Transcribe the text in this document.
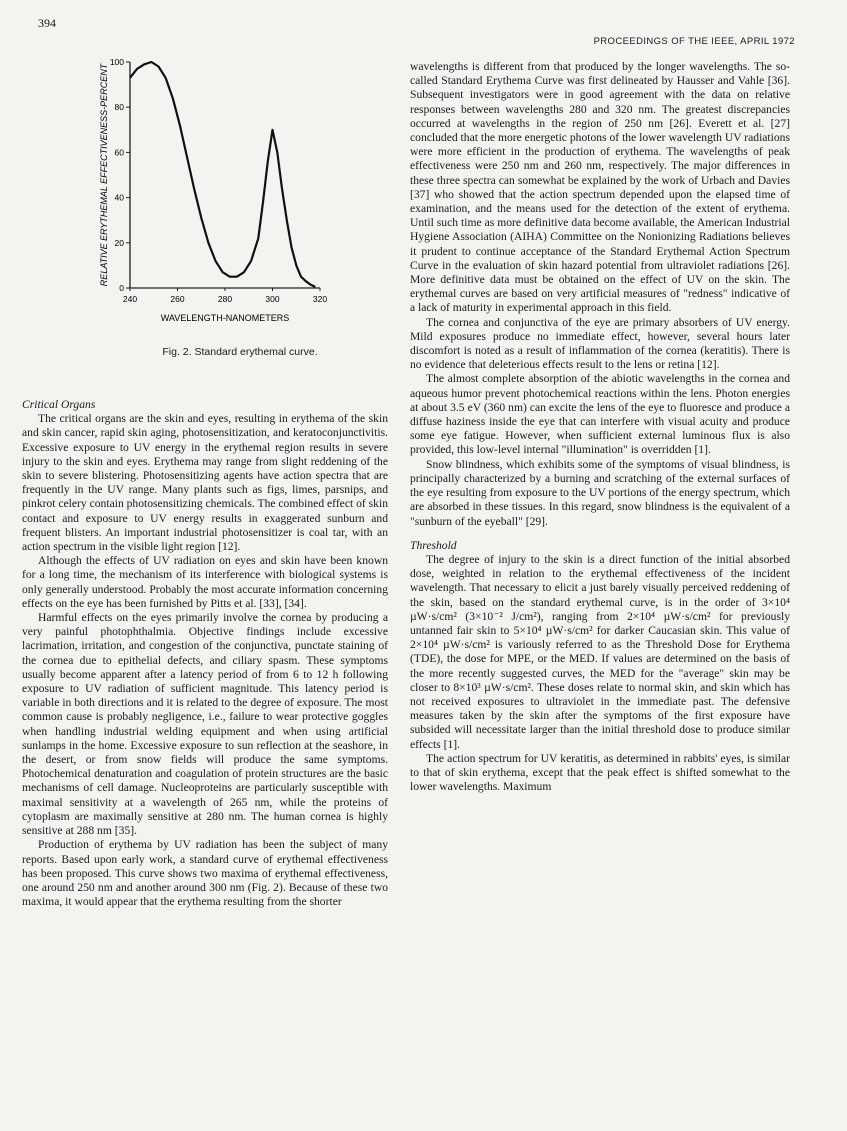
394
PROCEEDINGS OF THE IEEE, APRIL 1972
0
20
40
60
80
100
240	260	280	300	320
WAVELENGTH-NANOMETERS
RELATIVE ERYTHEMAL EFFECTIVENESS-PERCENT
Fig. 2. Standard erythemal curve.

Critical Organs

The critical organs are the skin and eyes, resulting in erythema of the skin and skin cancer, rapid skin aging, photosensitization, and keratoconjunctivitis. Excessive exposure to UV energy in the erythemal region results in severe injury to the skin and eyes. Erythema may range from slight reddening of the skin to severe blistering. Photosensitizing agents have action spectra that are frequently in the UV range. Many plants such as figs, limes, parsnips, and pinkrot celery contain photosensitizing chemicals. The combined effect of skin contact and exposure to UV energy results in exaggerated sunburn and frequent blisters. An important industrial photosensitizer is coal tar, with an action spectrum in the visible light region [12].

Although the effects of UV radiation on eyes and skin have been known for a long time, the mechanism of its interference with biological systems is only generally understood. Probably the most accurate information concerning effects on the eye has been furnished by Pitts et al. [33], [34].

Harmful effects on the eyes primarily involve the cornea by producing a very painful photophthalmia. Objective findings include excessive lacrimation, irritation, and congestion of the conjunctiva, punctate staining of the cornea due to epithelial defects, and ciliary spasm. These symptoms usually become apparent after a latency period of from 6 to 12 h following exposure to UV radiation of sufficient magnitude. This latency period is variable in both directions and it is related to the degree of exposure. The most common cause is probably negligence, i.e., failure to wear protective goggles when handling industrial welding equipment and when using artificial sunlamps in the home. Excessive exposure to sun reflection at the seashore, in the desert, or from snow fields will produce the same symptoms. Photochemical denaturation and coagulation of protein structures are the basic mechanisms of cell damage. Nucleoproteins are particularly susceptible with maximal sensitivity at a wavelength of 265 nm, while the proteins of cytoplasm are maximally sensitive at 280 nm. The human cornea is highly sensitive at 288 nm [35].

Production of erythema by UV radiation has been the subject of many reports. Based upon early work, a standard curve of erythemal effectiveness has been proposed. This curve shows two maxima of erythemal effectiveness, one around 250 nm and another around 300 nm (Fig. 2). Because of these two maxima, it would appear that the erythema resulting from the shorter

wavelengths is different from that produced by the longer wavelengths. The so-called Standard Erythema Curve was first delineated by Hausser and Vahle [36]. Subsequent investigators were in good agreement with the data on relative responses between wavelengths 280 and 320 nm. The greatest discrepancies occurred at wavelengths in the region of 250 nm [26]. Everett et al. [27] concluded that the more energetic photons of the lower wavelength UV radiations were more efficient in the production of erythema. The wavelengths of peak effectiveness were 250 nm and 260 nm, respectively. The major differences in these three spectra can somewhat be explained by the work of Urbach and Davies [37] who showed that the action spectrum depended upon the elapsed time of examination, and the means used for the detection of the extent of erythema. Until such time as more definitive data become available, the American Industrial Hygiene Association (AIHA) Committee on the Nonionizing Radiations believes it prudent to continue acceptance of the Standard Erythemal Action Spectrum Curve in the evaluation of skin hazard potential from ultraviolet radiations [26]. More definitive data must be obtained on the effect of UV on the skin. The erythemal curves are based on very artificial measures of "redness" indicative of a lack of maturity in experimental approach in this field.

The cornea and conjunctiva of the eye are primary absorbers of UV energy. Mild exposures produce no immediate effect, however, several hours later discomfort is noted as a result of inflammation of the cornea (keratitis). There is no evidence that deleterious effects result to the lens or retina [12].

The almost complete absorption of the abiotic wavelengths in the cornea and aqueous humor prevent photochemical reactions within the lens. Photon energies at about 3.5 eV (360 nm) can excite the lens of the eye to fluoresce and produce a diffuse haziness inside the eye that can interfere with visual acuity and produce some eye fatigue. However, when sufficient external luminous flux is also provided, this low-level internal "illumination" is overridden [1].

Snow blindness, which exhibits some of the symptoms of visual blindness, is principally characterized by a burning and scratching of the external surfaces of the eye resulting from exposure to the UV portions of the energy spectrum, which are absorbed in these tissues. In this regard, snow blindness is the equivalent of a "sunburn of the eyeball" [29].

Threshold

The degree of injury to the skin is a direct function of the initial absorbed dose, weighted in relation to the erythemal effectiveness of the incident wavelength. That necessary to elicit a just barely visually perceived reddening of the skin, based on the standard erythemal curve, is in the order of 3×10⁴ µW·s/cm² (3×10⁻² J/cm²), ranging from 2×10⁴ µW·s/cm² for previously untanned fair skin to 5×10⁴ µW·s/cm² for darker Caucasian skin. This value of 2×10⁴ µW·s/cm² is variously referred to as the Threshold Dose for Erythema (TDE), the dose for MPE, or the MED. If values are determined on the basis of the more recently suggested curves, the MED for the "average" skin may be closer to 8×10³ µW·s/cm². These doses relate to normal skin, and skin which has not received exposures to ultraviolet in the immediate past. The defensive measures taken by the skin after the symptoms of the first exposure have subsided will necessitate larger than the initial threshold dose to produce similar effects [1].

The action spectrum for UV keratitis, as determined in rabbits' eyes, is similar to that of skin erythema, except that the peak effect is shifted somewhat to the lower wavelengths. Maximum
